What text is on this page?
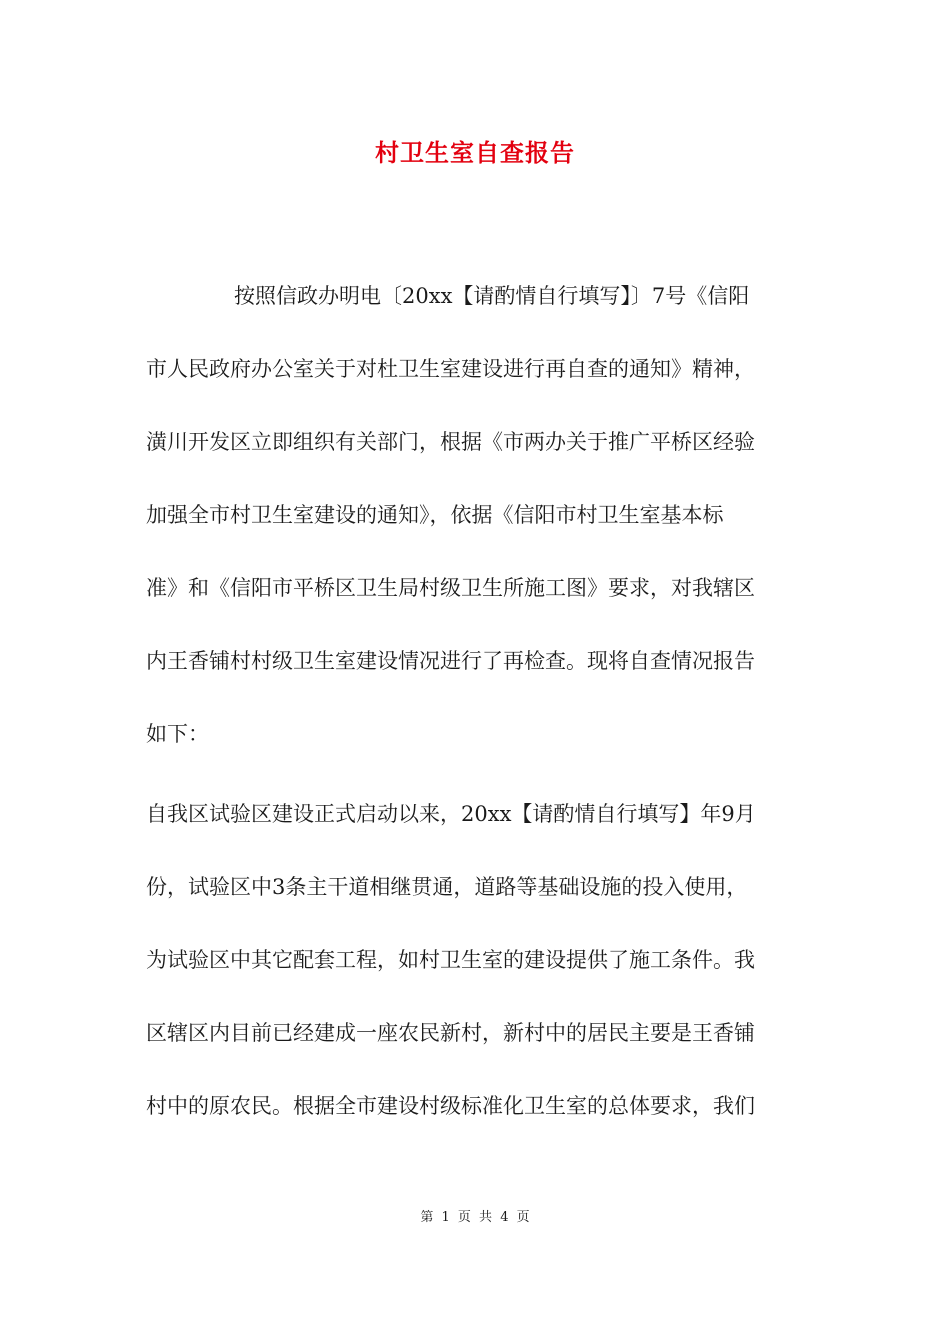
村卫生室自查报告
按照信政办明电〔20xx【请酌情自行填写】〕7号《信阳
市人民政府办公室关于对杜卫生室建设进行再自查的通知》精神，
潢川开发区立即组织有关部门，根据《市两办关于推广平桥区经验
加强全市村卫生室建设的通知》，依据《信阳市村卫生室基本标
准》和《信阳市平桥区卫生局村级卫生所施工图》要求，对我辖区
内王香铺村村级卫生室建设情况进行了再检查。现将自查情况报告
如下：
自我区试验区建设正式启动以来，20xx【请酌情自行填写】年9月
份，试验区中3条主干道相继贯通，道路等基础设施的投入使用，
为试验区中其它配套工程，如村卫生室的建设提供了施工条件。我
区辖区内目前已经建成一座农民新村，新村中的居民主要是王香铺
村中的原农民。根据全市建设村级标准化卫生室的总体要求，我们
第 1 页 共 4 页
